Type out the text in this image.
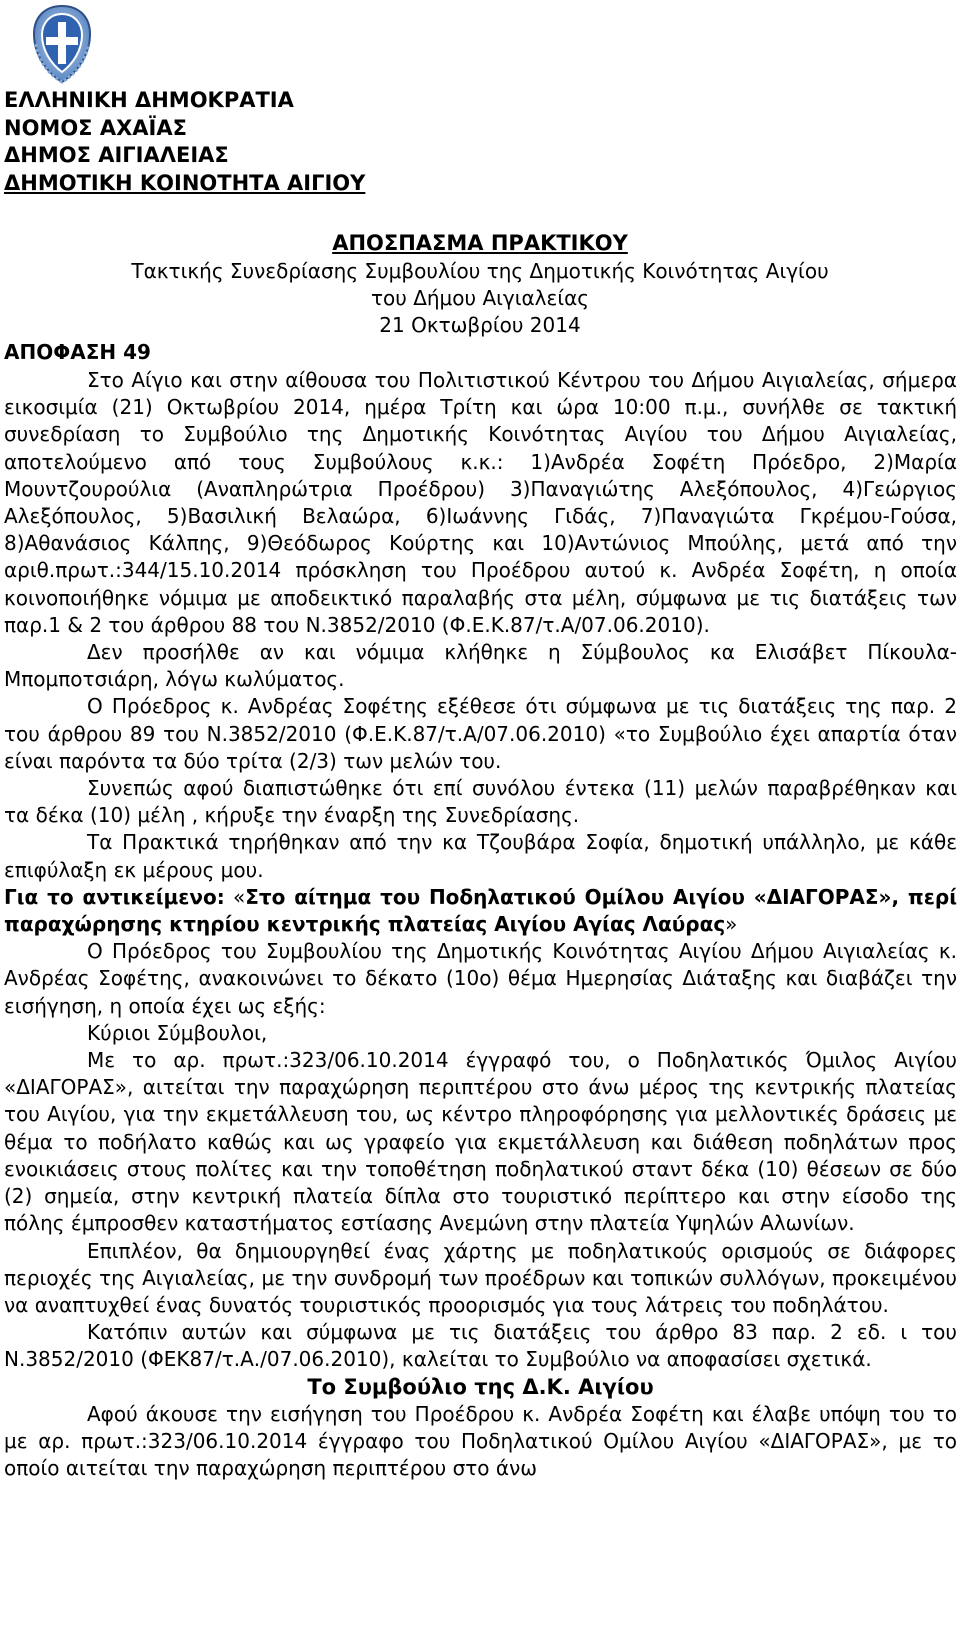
ΕΛΛΗΝΙΚΗ ΔΗΜΟΚΡΑΤΙΑ
ΝΟΜΟΣ ΑΧΑΪΑΣ
ΔΗΜΟΣ ΑΙΓΙΑΛΕΙΑΣ
ΔΗΜΟΤΙΚΗ ΚΟΙΝΟΤΗΤΑ ΑΙΓΙΟΥ
ΑΠΟΣΠΑΣΜΑ ΠΡΑΚΤΙΚΟΥ
Τακτικής Συνεδρίασης Συμβουλίου της Δημοτικής Κοινότητας Αιγίου
του Δήμου Αιγιαλείας
21 Οκτωβρίου 2014
ΑΠΟΦΑΣΗ 49

Στο Αίγιο και στην αίθουσα του Πολιτιστικού Κέντρου του Δήμου Αιγιαλείας, σήμερα εικοσιμία (21) Οκτωβρίου 2014, ημέρα Τρίτη και ώρα 10:00 π.μ., συνήλθε σε τακτική συνεδρίαση το Συμβούλιο της Δημοτικής Κοινότητας Αιγίου του Δήμου Αιγιαλείας, αποτελούμενο από τους Συμβούλους κ.κ.: 1)Ανδρέα Σοφέτη Πρόεδρο, 2)Μαρία Μουντζουρούλια (Αναπληρώτρια Προέδρου) 3)Παναγιώτης Αλεξόπουλος, 4)Γεώργιος Αλεξόπουλος, 5)Βασιλική Βελαώρα, 6)Ιωάννης Γιδάς, 7)Παναγιώτα Γκρέμου-Γούσα, 8)Αθανάσιος Κάλπης, 9)Θεόδωρος Κούρτης και 10)Αντώνιος Μπούλης, μετά από την αριθ.πρωτ.:344/15.10.2014 πρόσκληση του Προέδρου αυτού κ. Ανδρέα Σοφέτη, η οποία κοινοποιήθηκε νόμιμα με αποδεικτικό παραλαβής στα μέλη, σύμφωνα με τις διατάξεις των παρ.1 & 2 του άρθρου 88 του Ν.3852/2010 (Φ.Ε.Κ.87/τ.Α/07.06.2010).

Δεν προσήλθε αν και νόμιμα κλήθηκε η Σύμβουλος κα Ελισάβετ Πίκουλα-Μπομποτσιάρη, λόγω κωλύματος.

Ο Πρόεδρος κ. Ανδρέας Σοφέτης εξέθεσε ότι σύμφωνα με τις διατάξεις της παρ. 2 του άρθρου 89 του Ν.3852/2010 (Φ.Ε.Κ.87/τ.Α/07.06.2010) «το Συμβούλιο έχει απαρτία όταν είναι παρόντα τα δύο τρίτα (2/3) των μελών του.

Συνεπώς αφού διαπιστώθηκε ότι επί συνόλου έντεκα (11) μελών παραβρέθηκαν και τα δέκα (10) μέλη , κήρυξε την έναρξη της Συνεδρίασης.

Τα Πρακτικά τηρήθηκαν από την κα Τζουβάρα Σοφία, δημοτική υπάλληλο, με κάθε επιφύλαξη εκ μέρους μου.

Για το αντικείμενο: «Στο αίτημα του Ποδηλατικού Ομίλου Αιγίου «ΔΙΑΓΟΡΑΣ», περί παραχώρησης κτηρίου κεντρικής πλατείας Αιγίου Αγίας Λαύρας»

Ο Πρόεδρος του Συμβουλίου της Δημοτικής Κοινότητας Αιγίου Δήμου Αιγιαλείας κ. Ανδρέας Σοφέτης, ανακοινώνει το δέκατο (10ο) θέμα Ημερησίας Διάταξης και διαβάζει την εισήγηση, η οποία έχει ως εξής:

Κύριοι Σύμβουλοι,

Με το αρ. πρωτ.:323/06.10.2014 έγγραφό του, ο Ποδηλατικός Όμιλος Αιγίου «ΔΙΑΓΟΡΑΣ», αιτείται την παραχώρηση περιπτέρου στο άνω μέρος της κεντρικής πλατείας του Αιγίου, για την εκμετάλλευση του, ως κέντρο πληροφόρησης για μελλοντικές δράσεις με θέμα το ποδήλατο καθώς και ως γραφείο για εκμετάλλευση και διάθεση ποδηλάτων προς ενοικιάσεις στους πολίτες και την τοποθέτηση ποδηλατικού σταντ δέκα (10) θέσεων σε δύο (2) σημεία, στην κεντρική πλατεία δίπλα στο τουριστικό περίπτερο και στην είσοδο της πόλης έμπροσθεν καταστήματος εστίασης Ανεμώνη στην πλατεία Υψηλών Αλωνίων.

Επιπλέον, θα δημιουργηθεί ένας χάρτης με ποδηλατικούς ορισμούς σε διάφορες περιοχές της Αιγιαλείας, με την συνδρομή των προέδρων και τοπικών συλλόγων, προκειμένου να αναπτυχθεί ένας δυνατός τουριστικός προορισμός για τους λάτρεις του ποδηλάτου.

Κατόπιν αυτών και σύμφωνα με τις διατάξεις του άρθρο 83 παρ. 2 εδ. ι του Ν.3852/2010 (ΦΕΚ87/τ.Α./07.06.2010), καλείται το Συμβούλιο να αποφασίσει σχετικά.

Το Συμβούλιο της Δ.Κ. Αιγίου

Αφού άκουσε την εισήγηση του Προέδρου κ. Ανδρέα Σοφέτη και έλαβε υπόψη του το με αρ. πρωτ.:323/06.10.2014 έγγραφο του Ποδηλατικού Ομίλου Αιγίου «ΔΙΑΓΟΡΑΣ», με το οποίο αιτείται την παραχώρηση περιπτέρου στο άνω
